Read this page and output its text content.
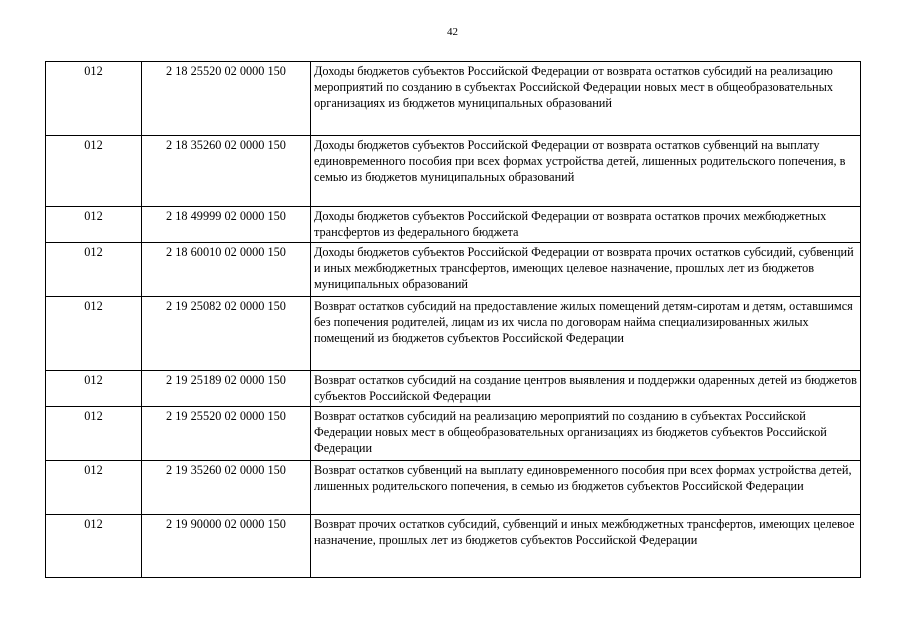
42
012	2 18 25520 02 0000 150	Доходы бюджетов субъектов Российской Федерации от возврата остатков субсидий на реализацию мероприятий по созданию в субъектах Российской Федерации новых мест в общеобразовательных организациях из бюджетов муниципальных образований
012	2 18 35260 02 0000 150	Доходы бюджетов субъектов Российской Федерации от возврата остатков субвенций на выплату единовременного пособия при всех формах устройства детей, лишенных родительского попечения, в семью из бюджетов муниципальных образований
012	2 18 49999 02 0000 150	Доходы бюджетов субъектов Российской Федерации от возврата остатков прочих межбюджетных трансфертов из федерального бюджета
012	2 18 60010 02 0000 150	Доходы бюджетов субъектов Российской Федерации от возврата прочих остатков субсидий, субвенций и иных межбюджетных трансфертов, имеющих целевое назначение, прошлых лет из бюджетов муниципальных образований
012	2 19 25082 02 0000 150	Возврат остатков субсидий на предоставление жилых помещений детям-сиротам и детям, оставшимся без попечения родителей, лицам из их числа по договорам найма специализированных жилых помещений из бюджетов субъектов Российской Федерации
012	2 19 25189 02 0000 150	Возврат остатков субсидий на создание центров выявления и поддержки одаренных детей из бюджетов субъектов Российской Федерации
012	2 19 25520 02 0000 150	Возврат остатков субсидий на реализацию мероприятий по созданию в субъектах Российской Федерации новых мест в общеобразовательных организациях из бюджетов субъектов Российской Федерации
012	2 19 35260 02 0000 150	Возврат остатков субвенций на выплату единовременного пособия при всех формах устройства детей, лишенных родительского попечения, в семью из бюджетов субъектов Российской Федерации
012	2 19 90000 02 0000 150	Возврат прочих остатков субсидий, субвенций и иных межбюджетных трансфертов, имеющих целевое назначение, прошлых лет из бюджетов субъектов Российской Федерации
